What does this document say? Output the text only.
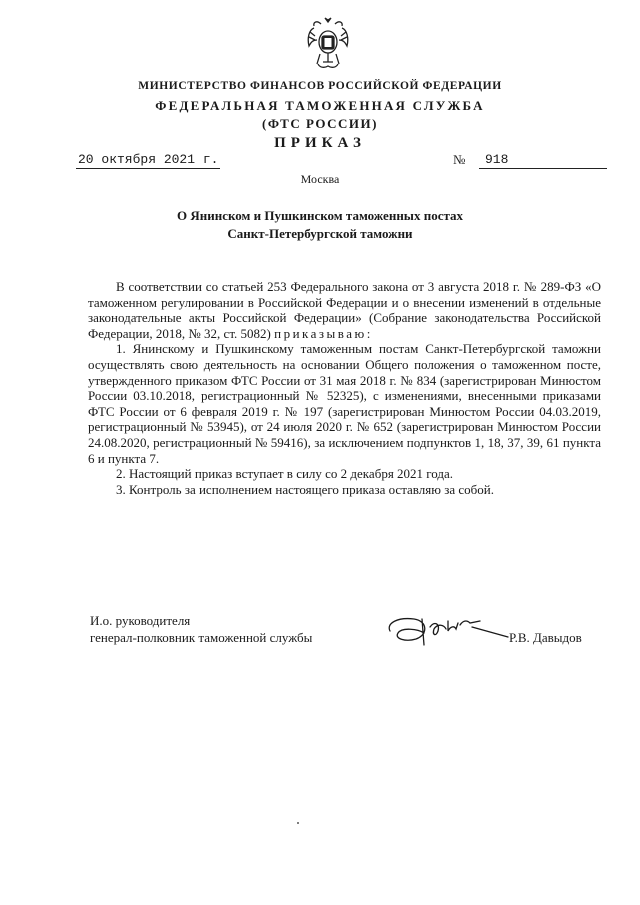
МИНИСТЕРСТВО ФИНАНСОВ РОССИЙСКОЙ ФЕДЕРАЦИИ
ФЕДЕРАЛЬНАЯ ТАМОЖЕННАЯ СЛУЖБА
(ФТС РОССИИ)
ПРИКАЗ
20 октября 2021 г.	№	918
Москва
О Янинском и Пушкинском таможенных постах
Санкт-Петербургской таможни

В соответствии со статьей 253 Федерального закона от 3 августа 2018 г. № 289-ФЗ «О таможенном регулировании в Российской Федерации и о внесении изменений в отдельные законодательные акты Российской Федерации» (Собрание законодательства Российской Федерации, 2018, № 32, ст. 5082) приказываю:

1. Янинскому и Пушкинскому таможенным постам Санкт-Петербургской таможни осуществлять свою деятельность на основании Общего положения о таможенном посте, утвержденного приказом ФТС России от 31 мая 2018 г. № 834 (зарегистрирован Минюстом России 03.10.2018, регистрационный № 52325), с изменениями, внесенными приказами ФТС России от 6 февраля 2019 г. № 197 (зарегистрирован Минюстом России 04.03.2019, регистрационный № 53945), от 24 июля 2020 г. № 652 (зарегистрирован Минюстом России 24.08.2020, регистрационный № 59416), за исключением подпунктов 1, 18, 37, 39, 61 пункта 6 и пункта 7.

2. Настоящий приказ вступает в силу со 2 декабря 2021 года.

3. Контроль за исполнением настоящего приказа оставляю за собой.

И.о. руководителя
генерал-полковник таможенной службы	Р.В. Давыдов
